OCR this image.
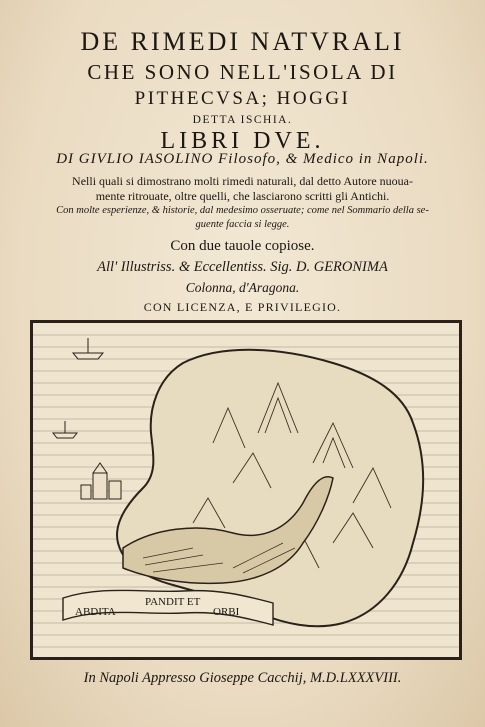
DE RIMEDI NATVRALI
CHE SONO NELL'ISOLA DI
PITHECVSA; HOGGI
DETTA ISCHIA.
LIBRI DVE.
DI GIVLIO IASOLINO Filosofo, & Medico in Napoli.
Nelli quali si dimostrano molti rimedi naturali, dal detto Autore nuoua-
mente ritrouate, oltre quelli, che lasciarono scritti gli Antichi.
Con molte esperienze, & historie, dal medesimo osseruate; come nel Sommario della se-
guente faccia si legge.
Con due tauole copiose.
All' Illustriss. & Eccellentiss. Sig. D. GERONIMA
Colonna, d'Aragona.
CON LICENZA, E PRIVILEGIO.
PANDIT ET
ABDITA	ORBI
In Napoli Appresso Gioseppe Cacchij, M.D.LXXXVIII.
